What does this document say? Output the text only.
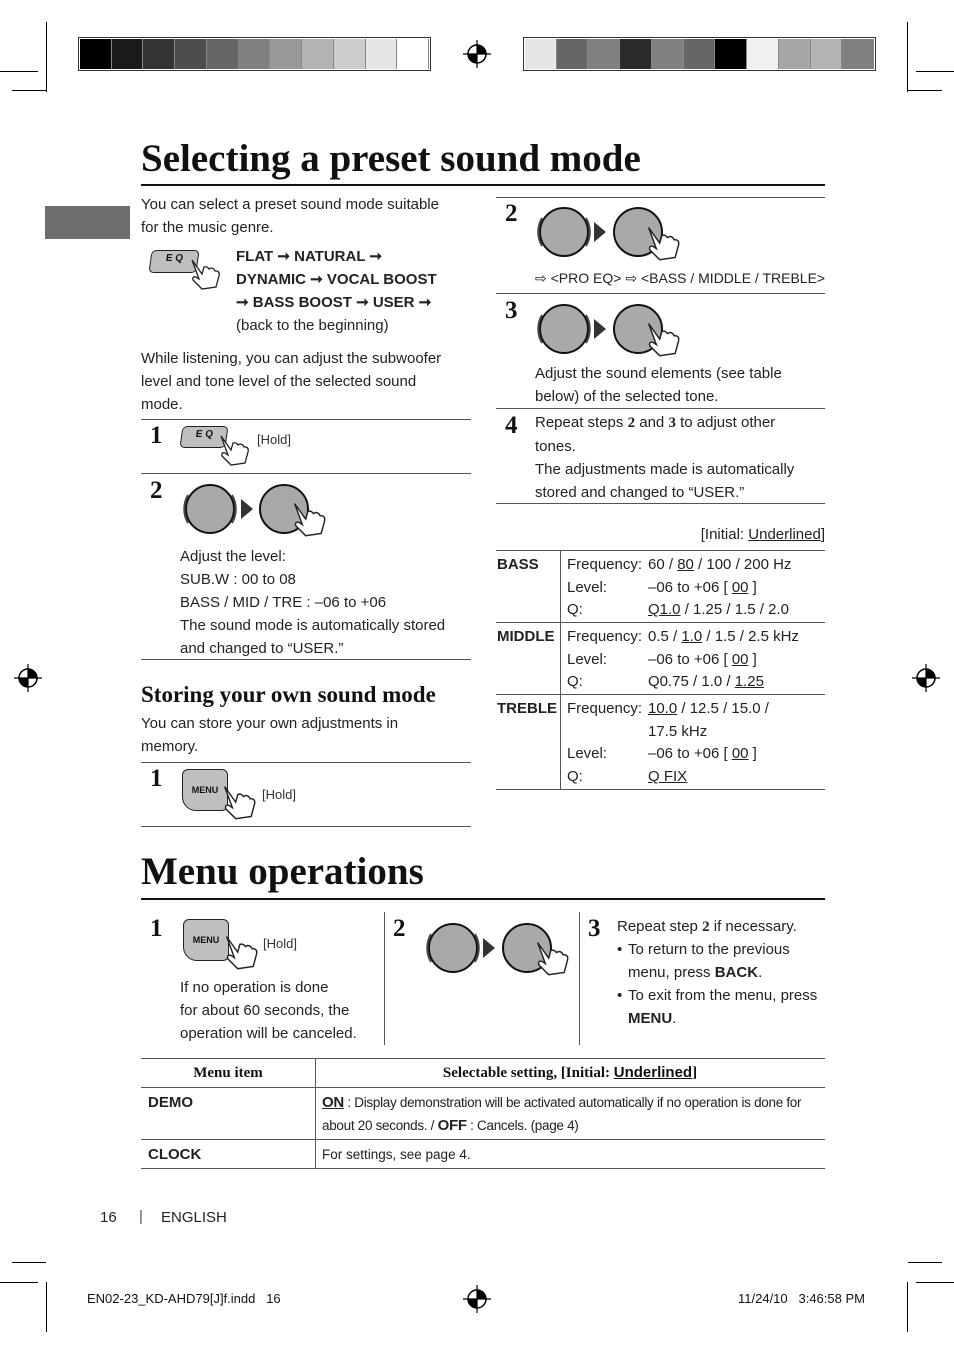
Selecting a preset sound mode
You can select a preset sound mode suitable
for the music genre.
E Q	FLAT ➞ NATURAL ➞
DYNAMIC ➞ VOCAL BOOST
➞ BASS BOOST ➞ USER ➞
(back to the beginning)
While listening, you can adjust the subwoofer
level and tone level of the selected sound
mode.
1	E Q	[Hold]
2
Adjust the level:
SUB.W : 00 to 08
BASS / MID / TRE : –06 to +06
The sound mode is automatically stored
and changed to “USER.”
2
⇨ <PRO EQ> ⇨ <BASS / MIDDLE / TREBLE>
3
Adjust the sound elements (see table
below) of the selected tone.
4 Repeat steps 2 and 3 to adjust other
tones.
The adjustments made is automatically
stored and changed to “USER.”
[Initial: Underlined]
BASS Frequency: 60 / 80 / 100 / 200 Hz
Level:	–06 to +06 [ 00 ]
Q:	Q1.0 / 1.25 / 1.5 / 2.0
MIDDLE Frequency: 0.5 / 1.0 / 1.5 / 2.5 kHz
Level:	–06 to +06 [ 00 ]
Q:	Q0.75 / 1.0 / 1.25
TREBLE Frequency: 10.0 / 12.5 / 15.0 /
17.5 kHz
Level:	–06 to +06 [ 00 ]
Q:	Q FIX
Storing your own sound mode
You can store your own adjustments in
memory.
1	MENU	[Hold]
Menu operations
1	MENU	[Hold]
If no operation is done
for about 60 seconds, the
operation will be canceled.
2	3 Repeat step 2 if necessary.
• To return to the previous
menu, press BACK.
• To exit from the menu, press
MENU.
Menu item	Selectable setting, [Initial: Underlined]
DEMO	ON : Display demonstration will be activated automatically if no operation is done for
about 20 seconds. / OFF : Cancels. (page 4)
CLOCK	For settings, see page 4.
16 | ENGLISH
EN02-23_KD-AHD79[J]f.indd   16	11/24/10   3:46:58 PM
